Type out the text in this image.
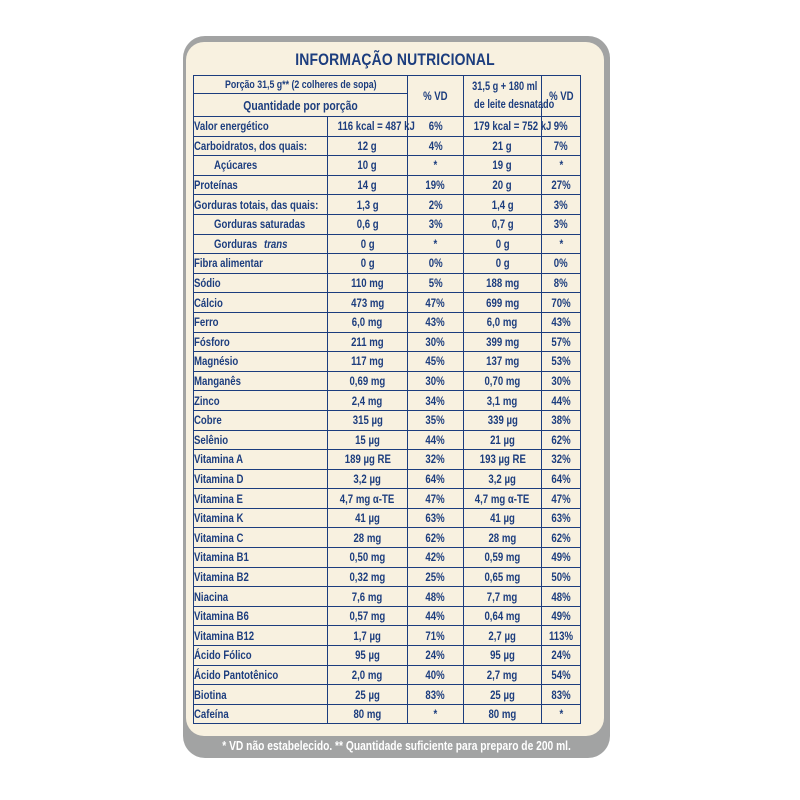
INFORMAÇÃO NUTRICIONAL
Porção 31,5 g** (2 colheres de sopa)		% VD	31,5 g + 180 ml
de leite desnatado	% VD
Quantidade por porção				
Valor energético	116 kcal = 487 kJ	6%	179 kcal = 752 kJ	9%
Carboidratos, dos quais:	12 g	4%	21 g	7%
Açúcares	10 g	*	19 g	*
Proteínas	14 g	19%	20 g	27%
Gorduras totais, das quais:	1,3 g	2%	1,4 g	3%
Gorduras saturadas	0,6 g	3%	0,7 g	3%
Gordurastrans	0 g	*	0 g	*
Fibra alimentar	0 g	0%	0 g	0%
Sódio	110 mg	5%	188 mg	8%
Cálcio	473 mg	47%	699 mg	70%
Ferro	6,0 mg	43%	6,0 mg	43%
Fósforo	211 mg	30%	399 mg	57%
Magnésio	117 mg	45%	137 mg	53%
Manganês	0,69 mg	30%	0,70 mg	30%
Zinco	2,4 mg	34%	3,1 mg	44%
Cobre	315 µg	35%	339 µg	38%
Selênio	15 µg	44%	21 µg	62%
Vitamina A	189 µg RE	32%	193 µg RE	32%
Vitamina D	3,2 µg	64%	3,2 µg	64%
Vitamina E	4,7 mg α-TE	47%	4,7 mg α-TE	47%
Vitamina K	41 µg	63%	41 µg	63%
Vitamina C	28 mg	62%	28 mg	62%
Vitamina B1	0,50 mg	42%	0,59 mg	49%
Vitamina B2	0,32 mg	25%	0,65 mg	50%
Niacina	7,6 mg	48%	7,7 mg	48%
Vitamina B6	0,57 mg	44%	0,64 mg	49%
Vitamina B12	1,7 µg	71%	2,7 µg	113%
Ácido Fólico	95 µg	24%	95 µg	24%
Ácido Pantotênico	2,0 mg	40%	2,7 mg	54%
Biotina	25 µg	83%	25 µg	83%
Cafeína	80 mg	*	80 mg	*
* VD não estabelecido. ** Quantidade suficiente para preparo de 200 ml.
